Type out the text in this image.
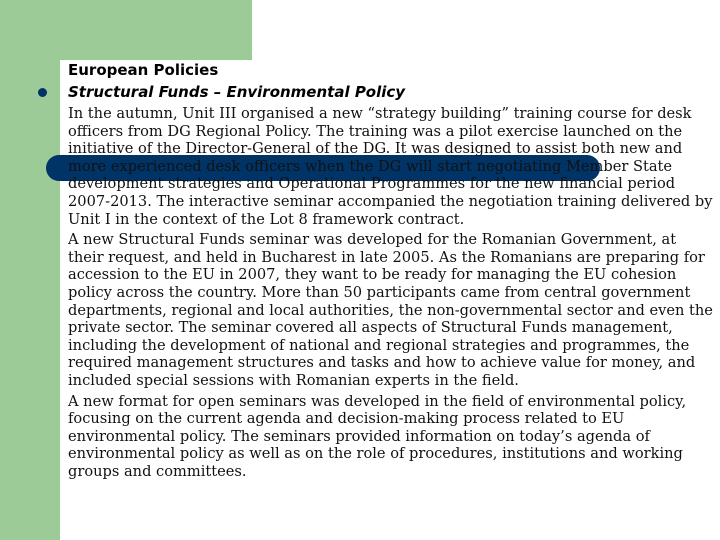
European Policies
Structural Funds – Environmental Policy

In the autumn, Unit III organised a new “strategy building” training course for desk officers from DG Regional Policy. The training was a pilot exercise launched on the initiative of the Director-General of the DG. It was designed to assist both new and more experienced desk officers when the DG will start negotiating Member State development strategies and Operational Programmes for the new financial period 2007-2013. The interactive seminar accompanied the negotiation training delivered by Unit I in the context of the Lot 8 framework contract.

A new Structural Funds seminar was developed for the Romanian Government, at their request, and held in Bucharest in late 2005. As the Romanians are preparing for accession to the EU in 2007, they want to be ready for managing the EU cohesion policy across the country. More than 50 participants came from central government departments, regional and local authorities, the non-governmental sector and even the private sector. The seminar covered all aspects of Structural Funds management, including the development of national and regional strategies and programmes, the required management structures and tasks and how to achieve value for money, and included special sessions with Romanian experts in the field.

A new format for open seminars was developed in the field of environmental policy, focusing on the current agenda and decision-making process related to EU environmental policy. The seminars provided information on today’s agenda of environmental policy as well as on the role of procedures, institutions and working groups and committees.
